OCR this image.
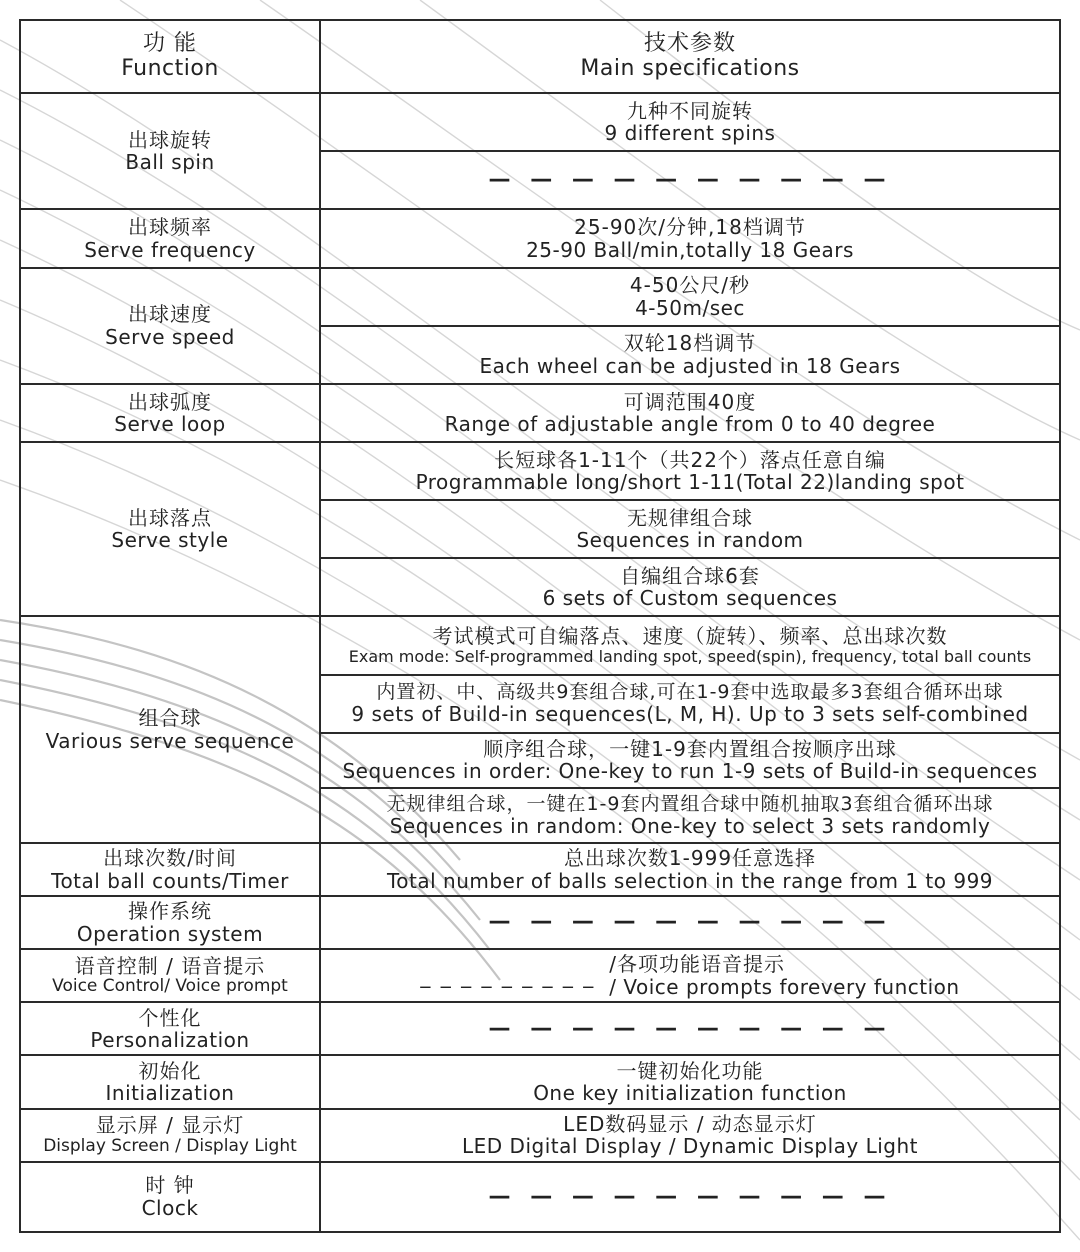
功 能
Function	技术参数
Main specifications

出球旋转
Ball spin	九种不同旋转
9 different spins

	— — — — — — — — — —

出球频率
Serve frequency	25-90次/分钟,18档调节
25-90 Ball/min,totally 18 Gears

出球速度
Serve speed	4-50公尺/秒
4-50m/sec

	双轮18档调节
Each wheel can be adjusted in 18 Gears

出球弧度
Serve loop	可调范围40度
Range of adjustable angle from 0 to 40 degree

出球落点
Serve style	长短球各1-11个（共22个）落点任意自编
Programmable long/short 1-11(Total 22)landing spot

	无规律组合球
Sequences in random

	自编组合球6套
6 sets of Custom sequences

组合球
Various serve sequence	考试模式可自编落点、速度（旋转）、频率、总出球次数
Exam mode: Self-programmed landing spot, speed(spin), frequency, total ball counts

	内置初、中、高级共9套组合球,可在1-9套中选取最多3套组合循环出球
9 sets of Build-in sequences(L, M, H). Up to 3 sets self-combined

	顺序组合球，一键1-9套内置组合按顺序出球
Sequences in order: One-key to run 1-9 sets of Build-in sequences

	无规律组合球，一键在1-9套内置组合球中随机抽取3套组合循环出球
Sequences in random: One-key to select 3 sets randomly

出球次数/时间
Total ball counts/Timer	总出球次数1-999任意选择
Total number of balls selection in the range from 1 to 999

操作系统
Operation system	— — — — — — — — — —

语音控制 / 语音提示
Voice Control/ Voice prompt	_ _ _ _ _ _ _ _ _ /各项功能语音提示
/ Voice prompts forevery function

个性化
Personalization	— — — — — — — — — —

初始化
Initialization	一键初始化功能
One key initialization function

显示屏 / 显示灯
Display Screen / Display Light	LED数码显示 / 动态显示灯
LED Digital Display / Dynamic Display Light

时 钟
Clock	— — — — — — — — — —
